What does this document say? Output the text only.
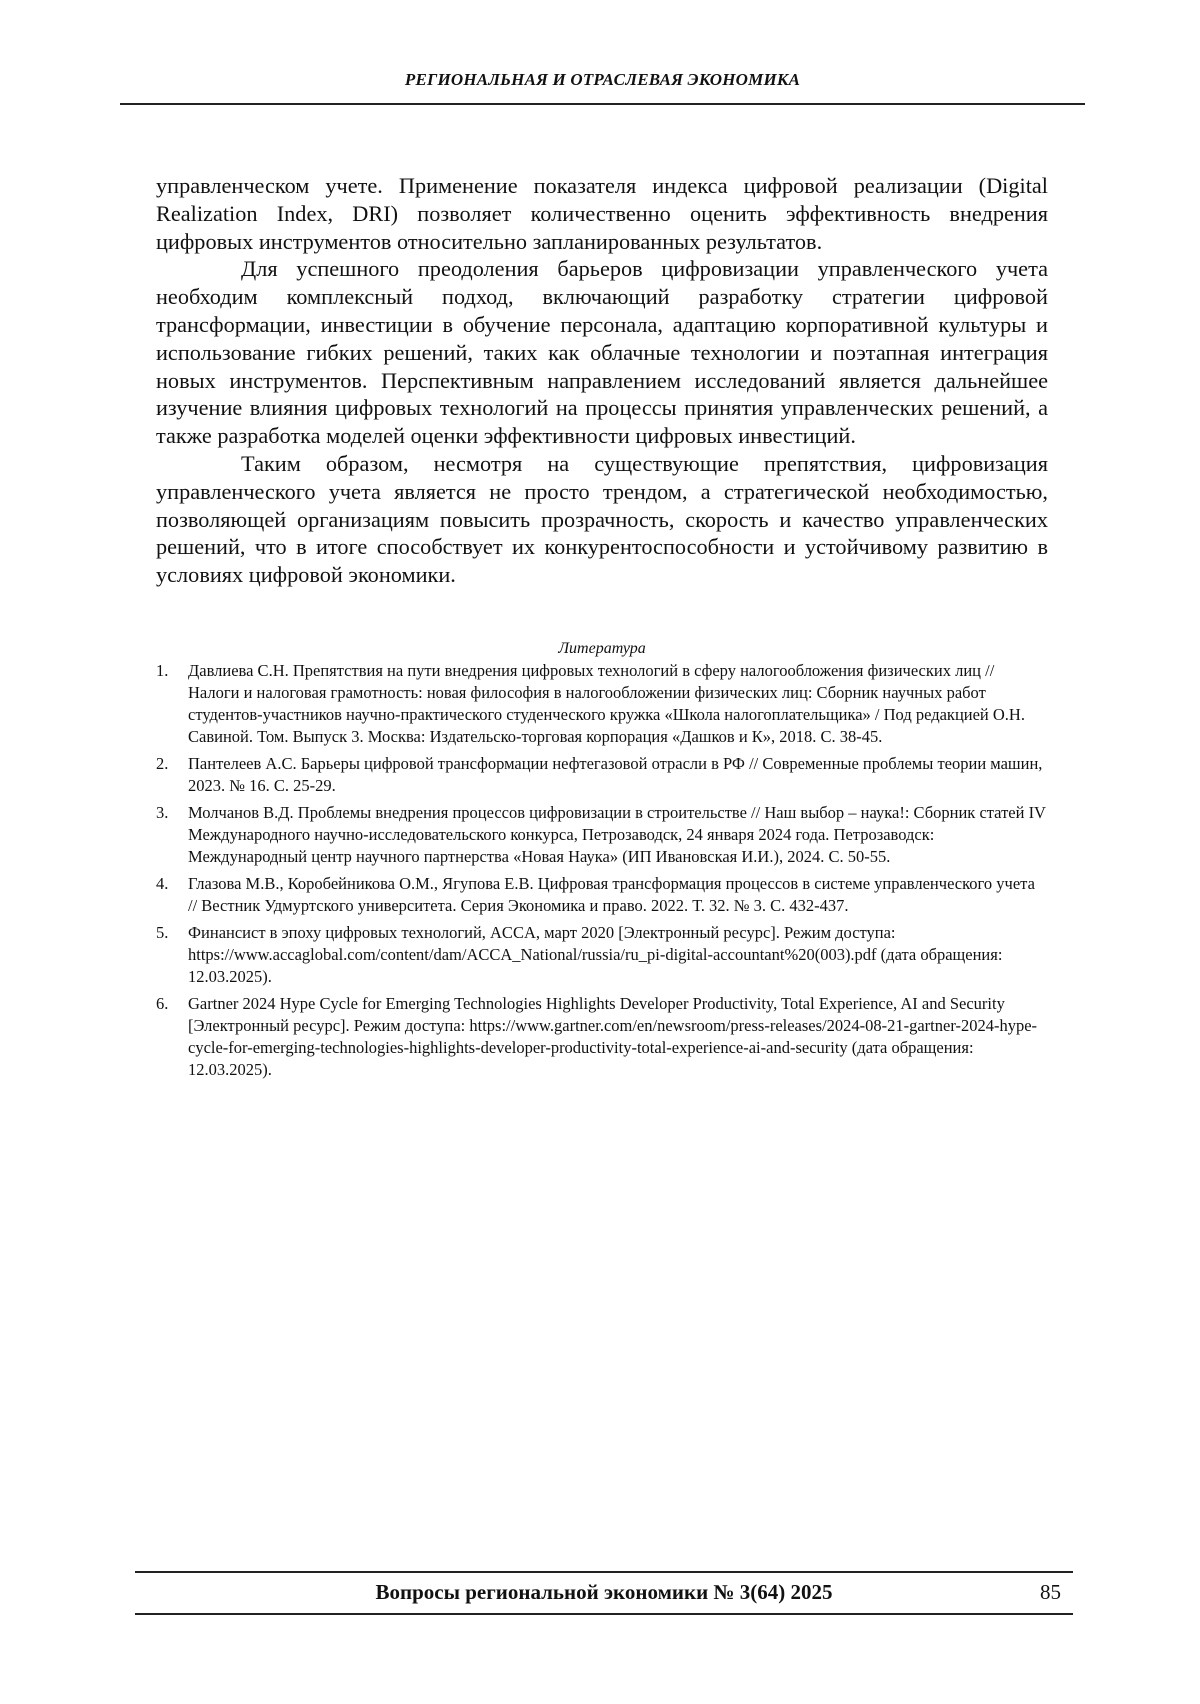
РЕГИОНАЛЬНАЯ И ОТРАСЛЕВАЯ ЭКОНОМИКА

управленческом учете. Применение показателя индекса цифровой реализации (Digital Realization Index, DRI) позволяет количественно оценить эффективность внедрения цифровых инструментов относительно запланированных результатов.

Для успешного преодоления барьеров цифровизации управленческого учета необходим комплексный подход, включающий разработку стратегии цифровой трансформации, инвестиции в обучение персонала, адаптацию корпоративной культуры и использование гибких решений, таких как облачные технологии и поэтапная интеграция новых инструментов. Перспективным направлением исследований является дальнейшее изучение влияния цифровых технологий на процессы принятия управленческих решений, а также разработка моделей оценки эффективности цифровых инвестиций.

Таким образом, несмотря на существующие препятствия, цифровизация управленческого учета является не просто трендом, а стратегической необходимостью, позволяющей организациям повысить прозрачность, скорость и качество управленческих решений, что в итоге способствует их конкурентоспособности и устойчивому развитию в условиях цифровой экономики.

Литература
1. Давлиева С.Н. Препятствия на пути внедрения цифровых технологий в сферу налогообложения физических лиц // Налоги и налоговая грамотность: новая философия в налогообложении физических лиц: Сборник научных работ студентов-участников научно-практического студенческого кружка «Школа налогоплательщика» / Под редакцией О.Н. Савиной. Том. Выпуск 3. Москва: Издательско-торговая корпорация «Дашков и К», 2018. С. 38-45.
2. Пантелеев А.С. Барьеры цифровой трансформации нефтегазовой отрасли в РФ // Современные проблемы теории машин, 2023. № 16. С. 25-29.
3. Молчанов В.Д. Проблемы внедрения процессов цифровизации в строительстве // Наш выбор – наука!: Сборник статей IV Международного научно-исследовательского конкурса, Петрозаводск, 24 января 2024 года. Петрозаводск: Международный центр научного партнерства «Новая Наука» (ИП Ивановская И.И.), 2024. С. 50-55.
4. Глазова М.В., Коробейникова О.М., Ягупова Е.В. Цифровая трансформация процессов в системе управленческого учета // Вестник Удмуртского университета. Серия Экономика и право. 2022. Т. 32. № 3. С. 432-437.
5. Финансист в эпоху цифровых технологий, ACCA, март 2020 [Электронный ресурс]. Режим доступа: https://www.accaglobal.com/content/dam/ACCA_National/russia/ru_pi-digital-accountant%20(003).pdf (дата обращения: 12.03.2025).
6. Gartner 2024 Hype Cycle for Emerging Technologies Highlights Developer Productivity, Total Experience, AI and Security [Электронный ресурс]. Режим доступа: https://www.gartner.com/en/newsroom/press-releases/2024-08-21-gartner-2024-hype-cycle-for-emerging-technologies-highlights-developer-productivity-total-experience-ai-and-security (дата обращения: 12.03.2025).
Вопросы региональной экономики № 3(64) 2025	85
